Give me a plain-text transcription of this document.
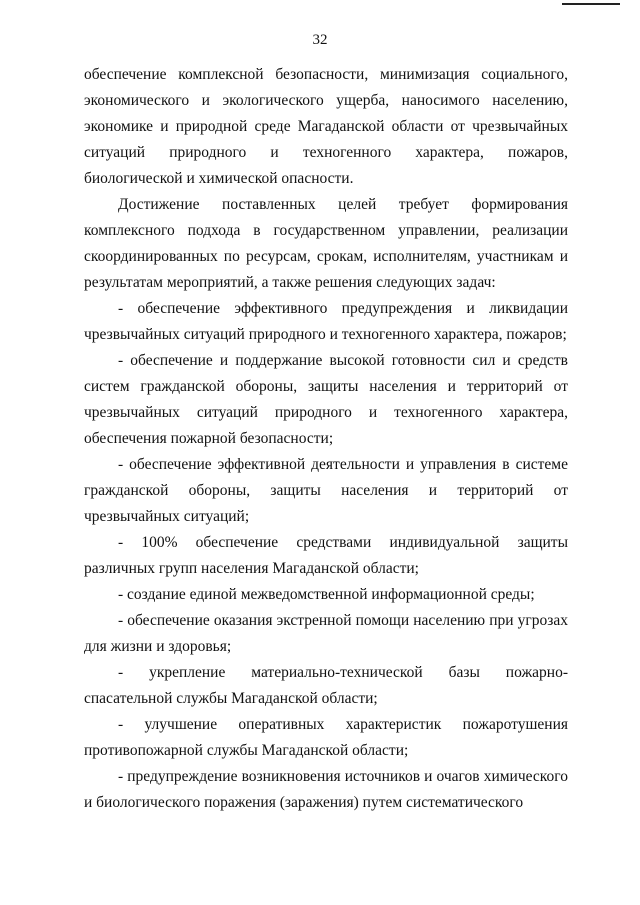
32

обеспечение комплексной безопасности, минимизация социального, экономического и экологического ущерба, наносимого населению, экономике и природной среде Магаданской области от чрезвычайных ситуаций природного и техногенного характера, пожаров, биологической и химической опасности.

Достижение поставленных целей требует формирования комплексного подхода в государственном управлении, реализации скоординированных по ресурсам, срокам, исполнителям, участникам и результатам мероприятий, а также решения следующих задач:

- обеспечение эффективного предупреждения и ликвидации чрезвычайных ситуаций природного и техногенного характера, пожаров;

- обеспечение и поддержание высокой готовности сил и средств систем гражданской обороны, защиты населения и территорий от чрезвычайных ситуаций природного и техногенного характера, обеспечения пожарной безопасности;

- обеспечение эффективной деятельности и управления в системе гражданской обороны, защиты населения и территорий от чрезвычайных ситуаций;

- 100% обеспечение средствами индивидуальной защиты различных групп населения Магаданской области;

- создание единой межведомственной информационной среды;

- обеспечение оказания экстренной помощи населению при угрозах для жизни и здоровья;

- укрепление материально-технической базы пожарно-спасательной службы Магаданской области;

- улучшение оперативных характеристик пожаротушения противопожарной службы Магаданской области;

- предупреждение возникновения источников и очагов химического и биологического поражения (заражения) путем систематического
